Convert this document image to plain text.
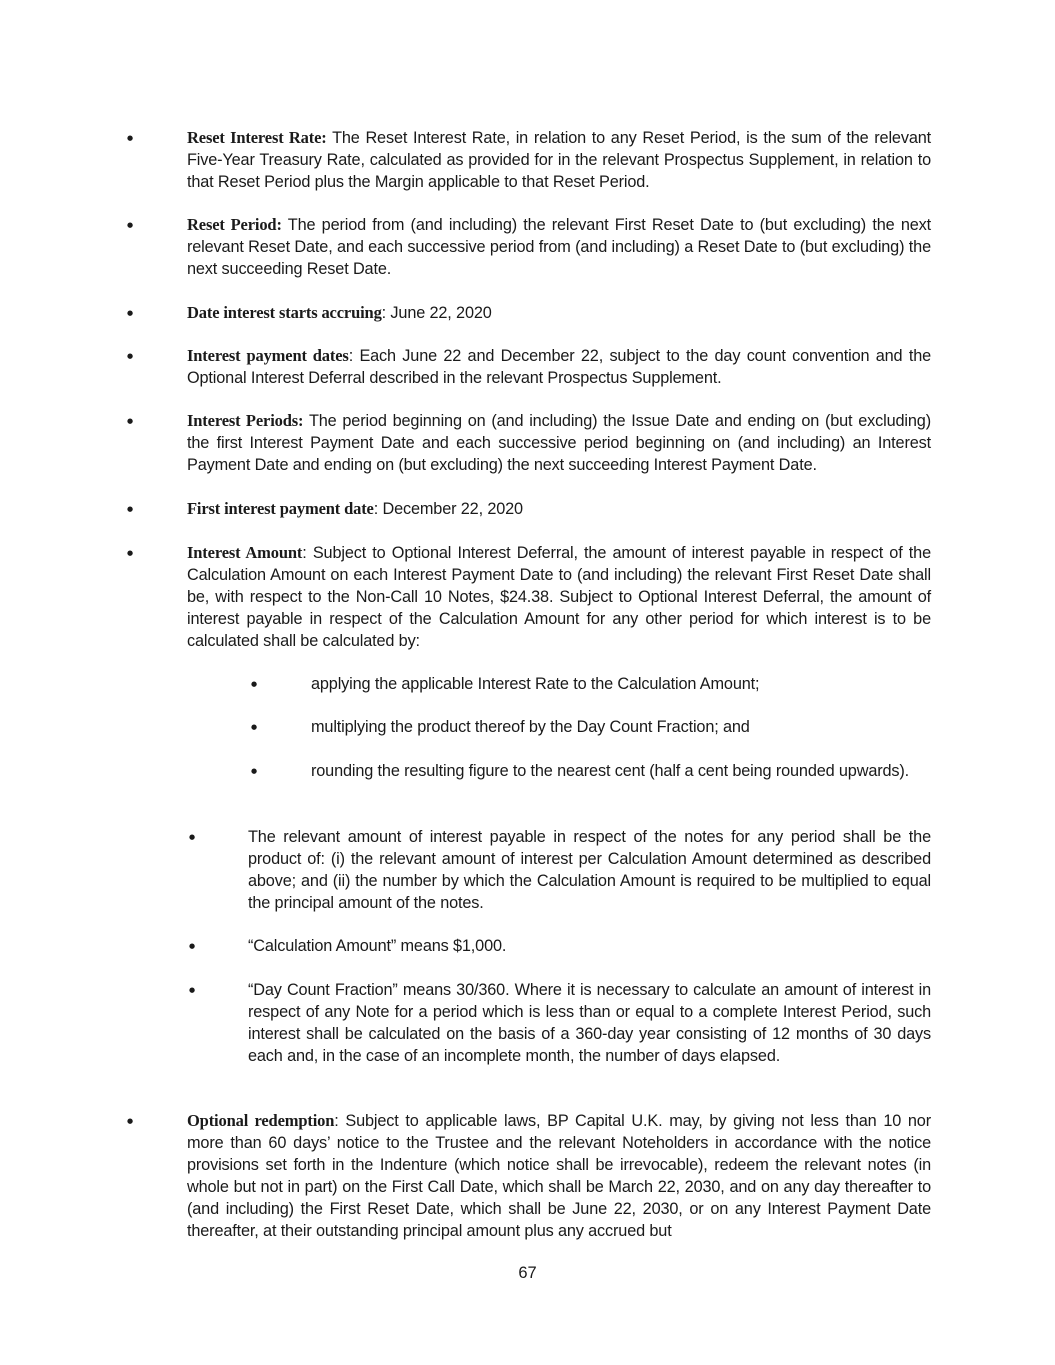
●
Reset Interest Rate: The Reset Interest Rate, in relation to any Reset Period, is the sum of the relevant Five-Year Treasury Rate, calculated as provided for in the relevant Prospectus Supplement, in relation to that Reset Period plus the Margin applicable to that Reset Period.
●
Reset Period: The period from (and including) the relevant First Reset Date to (but excluding) the next relevant Reset Date, and each successive period from (and including) a Reset Date to (but excluding) the next succeeding Reset Date.
●
Date interest starts accruing: June 22, 2020
●
Interest payment dates: Each June 22 and December 22, subject to the day count convention and the Optional Interest Deferral described in the relevant Prospectus Supplement.
●
Interest Periods: The period beginning on (and including) the Issue Date and ending on (but excluding) the first Interest Payment Date and each successive period beginning on (and including) an Interest Payment Date and ending on (but excluding) the next succeeding Interest Payment Date.
●
First interest payment date: December 22, 2020
●
Interest Amount: Subject to Optional Interest Deferral, the amount of interest payable in respect of the Calculation Amount on each Interest Payment Date to (and including) the relevant First Reset Date shall be, with respect to the Non-Call 10 Notes, $24.38. Subject to Optional Interest Deferral, the amount of interest payable in respect of the Calculation Amount for any other period for which interest is to be calculated shall be calculated by:
●
applying the applicable Interest Rate to the Calculation Amount;
●
multiplying the product thereof by the Day Count Fraction; and
●
rounding the resulting figure to the nearest cent (half a cent being rounded upwards).
●
The relevant amount of interest payable in respect of the notes for any period shall be the product of: (i) the relevant amount of interest per Calculation Amount determined as described above; and (ii) the number by which the Calculation Amount is required to be multiplied to equal the principal amount of the notes.
●
“Calculation Amount” means $1,000.
●
“Day Count Fraction” means 30/360. Where it is necessary to calculate an amount of interest in respect of any Note for a period which is less than or equal to a complete Interest Period, such interest shall be calculated on the basis of a 360-day year consisting of 12 months of 30 days each and, in the case of an incomplete month, the number of days elapsed.
●
Optional redemption: Subject to applicable laws, BP Capital U.K. may, by giving not less than 10 nor more than 60 days’ notice to the Trustee and the relevant Noteholders in accordance with the notice provisions set forth in the Indenture (which notice shall be irrevocable), redeem the relevant notes (in whole but not in part) on the First Call Date, which shall be March 22, 2030, and on any day thereafter to (and including) the First Reset Date, which shall be June 22, 2030, or on any Interest Payment Date thereafter, at their outstanding principal amount plus any accrued but
67
